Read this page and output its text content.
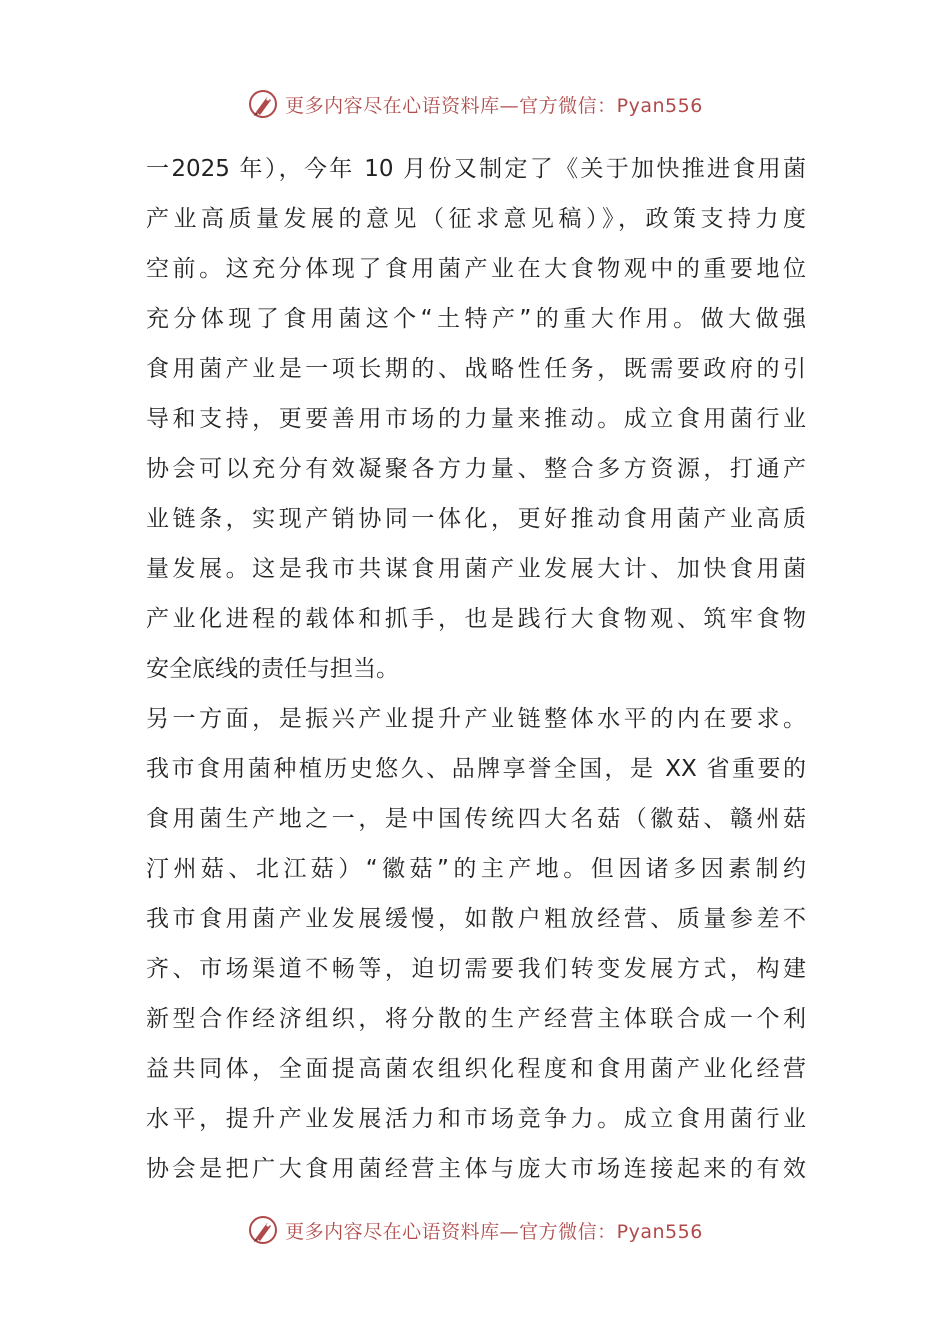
更多内容尽在心语资料库—官方微信：Pyan556
一2025 年），今年 10 月份又制定了《关于加快推进食用菌
产业高质量发展的意见（征求意见稿）》，政策支持力度
空前。这充分体现了食用菌产业在大食物观中的重要地位
充分体现了食用菌这个“土特产”的重大作用。做大做强
食用菌产业是一项长期的、战略性任务，既需要政府的引
导和支持，更要善用市场的力量来推动。成立食用菌行业
协会可以充分有效凝聚各方力量、整合多方资源，打通产
业链条，实现产销协同一体化，更好推动食用菌产业高质
量发展。这是我市共谋食用菌产业发展大计、加快食用菌
产业化进程的载体和抓手，也是践行大食物观、筑牢食物
安全底线的责任与担当。
另一方面，是振兴产业提升产业链整体水平的内在要求。
我市食用菌种植历史悠久、品牌享誉全国，是 XX 省重要的
食用菌生产地之一，是中国传统四大名菇（徽菇、赣州菇
汀州菇、北江菇）“徽菇”的主产地。但因诸多因素制约
我市食用菌产业发展缓慢，如散户粗放经营、质量参差不
齐、市场渠道不畅等，迫切需要我们转变发展方式，构建
新型合作经济组织，将分散的生产经营主体联合成一个利
益共同体，全面提高菌农组织化程度和食用菌产业化经营
水平，提升产业发展活力和市场竞争力。成立食用菌行业
协会是把广大食用菌经营主体与庞大市场连接起来的有效
更多内容尽在心语资料库—官方微信：Pyan556
